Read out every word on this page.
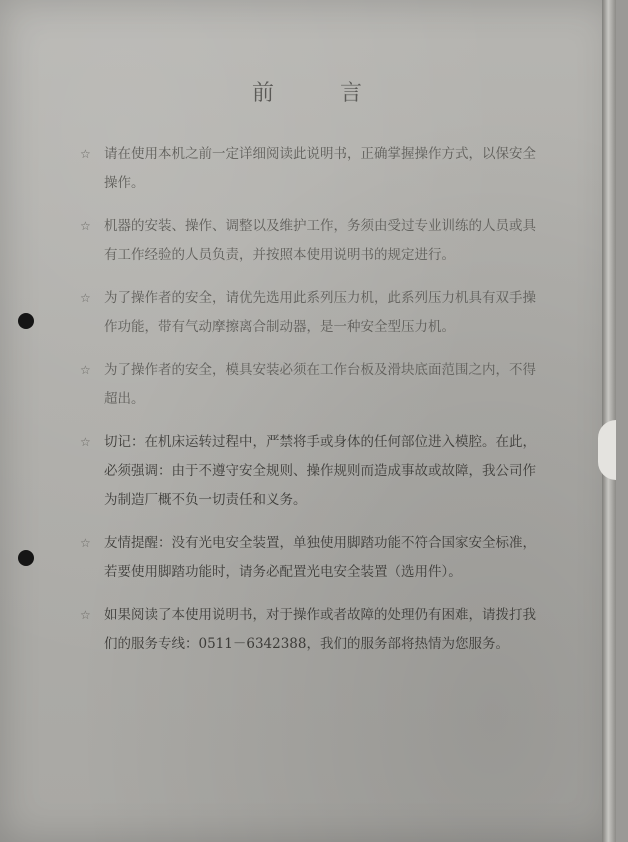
前	言
☆ 请在使用本机之前一定详细阅读此说明书，正确掌握操作方式，以保安全操作。
☆ 机器的安装、操作、调整以及维护工作，务须由受过专业训练的人员或具有工作经验的人员负责，并按照本使用说明书的规定进行。
☆ 为了操作者的安全，请优先选用此系列压力机，此系列压力机具有双手操作功能，带有气动摩擦离合制动器，是一种安全型压力机。
☆ 为了操作者的安全，模具安装必须在工作台板及滑块底面范围之内，不得超出。
☆ 切记：在机床运转过程中，严禁将手或身体的任何部位进入模腔。在此，必须强调：由于不遵守安全规则、操作规则而造成事故或故障，我公司作为制造厂概不负一切责任和义务。
☆ 友情提醒：没有光电安全装置，单独使用脚踏功能不符合国家安全标准，若要使用脚踏功能时，请务必配置光电安全装置（选用件）。
☆ 如果阅读了本使用说明书，对于操作或者故障的处理仍有困难，请拨打我们的服务专线：0511－6342388，我们的服务部将热情为您服务。
